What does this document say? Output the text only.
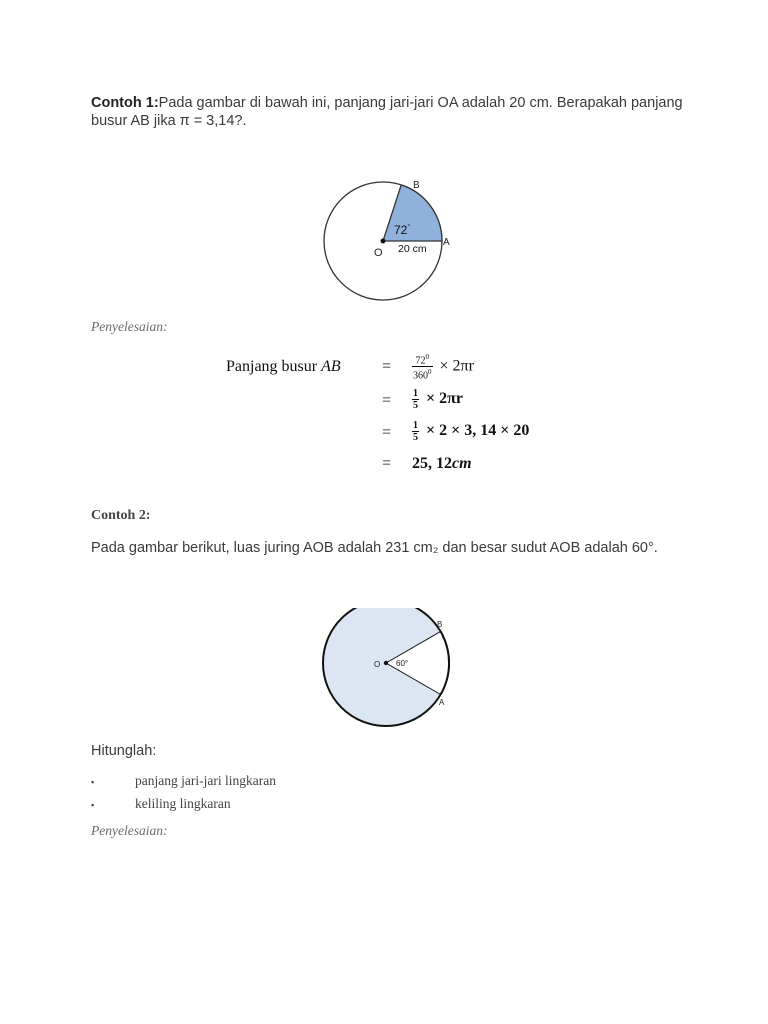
Contoh 1:Pada gambar di bawah ini, panjang jari-jari OA adalah 20 cm. Berapakah panjang busur AB jika π = 3,14?.
B
A
O
72°
20 cm
Penyelesaian:
Panjang busur AB	= $\frac{72^0}{360^0} \times 2\pi r$
= $\frac{1}{5} \times 2\pi r$
= $\frac{1}{5} \times 2 \times 3$, 14 × 20
= 25, 12cm
Contoh 2:
Pada gambar berikut, luas juring AOB adalah 231 cm₂ dan besar sudut AOB adalah 60°.
B
A
O 60°
Hitunglah:
▪	panjang jari-jari lingkaran
▪	keliling lingkaran
Penyelesaian:
